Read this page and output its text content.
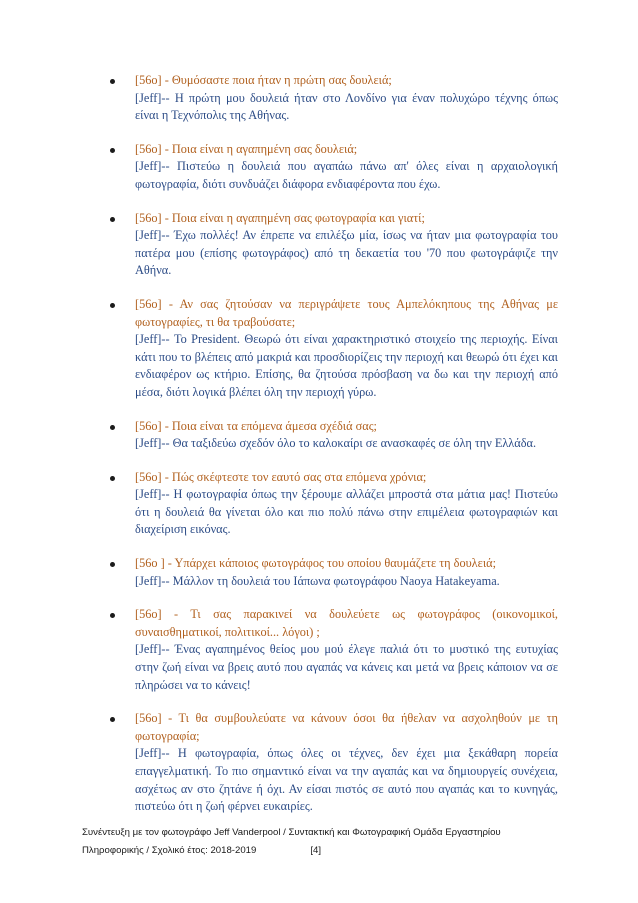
[56ο] - Θυμόσαστε ποια ήταν η πρώτη σας δουλειά;
[Jeff]-- Η πρώτη μου δουλειά ήταν στο Λονδίνο για έναν πολυχώρο τέχνης όπως είναι η Τεχνόπολις της Αθήνας.
[56ο] - Ποια είναι η αγαπημένη σας δουλειά;
[Jeff]-- Πιστεύω η δουλειά που αγαπάω πάνω απ' όλες είναι η αρχαιολογική φωτογραφία, διότι συνδυάζει διάφορα ενδιαφέροντα που έχω.
[56ο] - Ποια είναι η αγαπημένη σας φωτογραφία και γιατί;
[Jeff]-- Έχω πολλές! Αν έπρεπε να επιλέξω μία, ίσως να ήταν μια φωτογραφία του πατέρα μου (επίσης φωτογράφος) από τη δεκαετία του '70 που φωτογράφιζε την Αθήνα.
[56ο] - Αν σας ζητούσαν να περιγράψετε τους Αμπελόκηπους της Αθήνας με φωτογραφίες, τι θα τραβούσατε;
[Jeff]-- Το President. Θεωρώ ότι είναι χαρακτηριστικό στοιχείο της περιοχής. Είναι κάτι που το βλέπεις από μακριά και προσδιορίζεις την περιοχή και θεωρώ ότι έχει και ενδιαφέρον ως κτήριο. Επίσης, θα ζητούσα πρόσβαση να δω και την περιοχή από μέσα, διότι λογικά βλέπει όλη την περιοχή γύρω.
[56ο] - Ποια είναι τα επόμενα άμεσα σχέδιά σας;
[Jeff]-- Θα ταξιδεύω σχεδόν όλο το καλοκαίρι σε ανασκαφές σε όλη την Ελλάδα.
[56ο] - Πώς σκέφτεστε τον εαυτό σας στα επόμενα χρόνια;
[Jeff]-- Η φωτογραφία όπως την ξέρουμε αλλάζει μπροστά στα μάτια μας! Πιστεύω ότι η δουλειά θα γίνεται όλο και πιο πολύ πάνω στην επιμέλεια φωτογραφιών και διαχείριση εικόνας.
[56ο ] - Υπάρχει κάποιος φωτογράφος του οποίου θαυμάζετε τη δουλειά;
[Jeff]-- Μάλλον τη δουλειά του Ιάπωνα φωτογράφου Naoya Hatakeyama.
[56ο] - Τι σας παρακινεί να δουλεύετε ως φωτογράφος (οικονομικοί, συναισθηματικοί, πολιτικοί... λόγοι) ;
[Jeff]-- Ένας αγαπημένος θείος μου μού έλεγε παλιά ότι το μυστικό της ευτυχίας στην ζωή είναι να βρεις αυτό που αγαπάς να κάνεις και μετά να βρεις κάποιον να σε πληρώσει να το κάνεις!
[56ο] - Τι θα συμβουλεύατε να κάνουν όσοι θα ήθελαν να ασχοληθούν με τη φωτογραφία;
[Jeff]-- Η φωτογραφία, όπως όλες οι τέχνες, δεν έχει μια ξεκάθαρη πορεία επαγγελματική. Το πιο σημαντικό είναι να την αγαπάς και να δημιουργείς συνέχεια, ασχέτως αν στο ζητάνε ή όχι. Αν είσαι πιστός σε αυτό που αγαπάς και το κυνηγάς, πιστεύω ότι η ζωή φέρνει ευκαιρίες.
Συνέντευξη με τον φωτογράφο Jeff Vanderpool / Συντακτική και Φωτογραφική Ομάδα Εργαστηρίου
Πληροφορικής / Σχολικό έτος: 2018-2019	[4]
